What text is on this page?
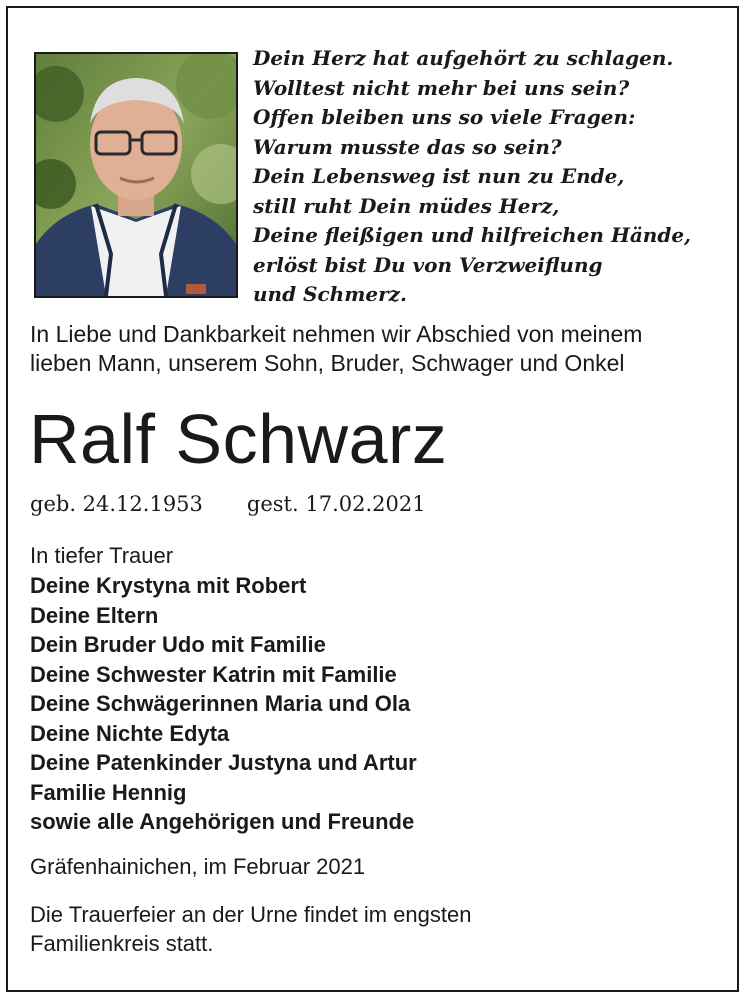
Dein Herz hat aufgehört zu schlagen.
Wolltest nicht mehr bei uns sein?
Offen bleiben uns so viele Fragen:
Warum musste das so sein?
Dein Lebensweg ist nun zu Ende,
still ruht Dein müdes Herz,
Deine fleißigen und hilfreichen Hände,
erlöst bist Du von Verzweiflung
und Schmerz.
In Liebe und Dankbarkeit nehmen wir Abschied von meinem
lieben Mann, unserem Sohn, Bruder, Schwager und Onkel
Ralf Schwarz
geb. 24.12.1953 gest. 17.02.2021
In tiefer Trauer
Deine Krystyna mit Robert
Deine Eltern
Dein Bruder Udo mit Familie
Deine Schwester Katrin mit Familie
Deine Schwägerinnen Maria und Ola
Deine Nichte Edyta
Deine Patenkinder Justyna und Artur
Familie Hennig
sowie alle Angehörigen und Freunde
Gräfenhainichen, im Februar 2021
Die Trauerfeier an der Urne findet im engsten
Familienkreis statt.
